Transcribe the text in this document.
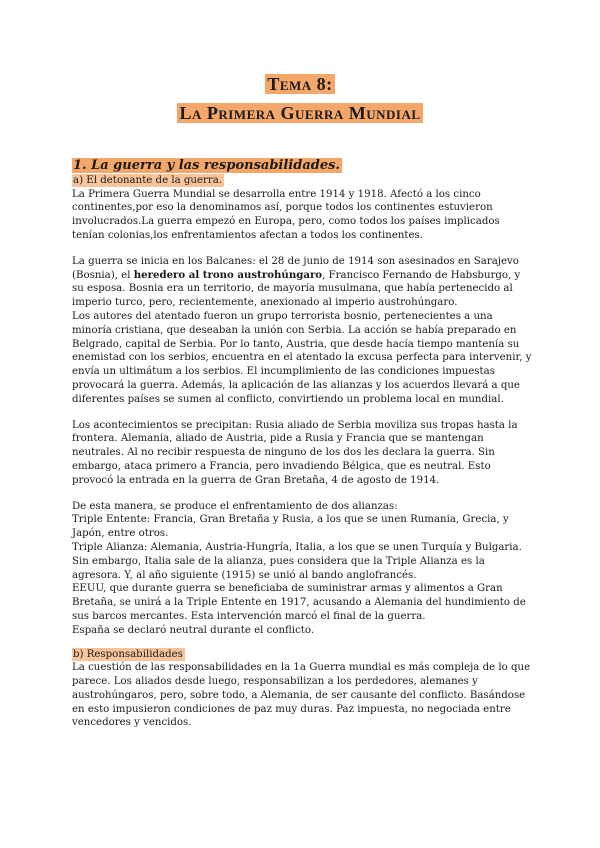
Tema 8:
La Primera Guerra Mundial
1. La guerra y las responsabilidades.
a) El detonante de la guerra.

La Primera Guerra Mundial se desarrolla entre 1914 y 1918. Afectó a los cinco continentes,por eso la denominamos así, porque todos los continentes estuvieron involucrados.La guerra empezó en Europa, pero, como todos los países implicados tenían colonias,los enfrentamientos afectan a todos los continentes.

La guerra se inicia en los Balcanes: el 28 de junio de 1914 son asesinados en Sarajevo (Bosnia), el heredero al trono austrohúngaro, Francisco Fernando de Habsburgo, y su esposa. Bosnia era un territorio, de mayoría musulmana, que había pertenecido al imperio turco, pero, recientemente, anexionado al imperio austrohúngaro.

Los autores del atentado fueron un grupo terrorista bosnio, pertenecientes a una minoría cristiana, que deseaban la unión con Serbia. La acción se había preparado en Belgrado, capital de Serbia. Por lo tanto, Austria, que desde hacía tiempo mantenía su enemistad con los serbios, encuentra en el atentado la excusa perfecta para intervenir, y envía un ultimátum a los serbios. El incumplimiento de las condiciones impuestas provocará la guerra. Además, la aplicación de las alianzas y los acuerdos llevará a que diferentes países se sumen al conflicto, convirtiendo un problema local en mundial.

Los acontecimientos se precipitan: Rusia aliado de Serbia moviliza sus tropas hasta la frontera. Alemania, aliado de Austria, pide a Rusia y Francia que se mantengan neutrales. Al no recibir respuesta de ninguno de los dos les declara la guerra. Sin embargo, ataca primero a Francia, pero invadiendo Bélgica, que es neutral. Esto provocó la entrada en la guerra de Gran Bretaña, 4 de agosto de 1914.

De esta manera, se produce el enfrentamiento de dos alianzas:

Triple Entente: Francia, Gran Bretaña y Rusia, a los que se unen Rumania, Grecia, y Japón, entre otros.

Triple Alianza: Alemania, Austria-Hungría, Italia, a los que se unen Turquía y Bulgaria.

Sin embargo, Italia sale de la alianza, pues considera que la Triple Alianza es la agresora. Y, al año siguiente (1915) se unió al bando anglofrancés.

EEUU, que durante guerra se beneficiaba de suministrar armas y alimentos a Gran Bretaña, se unirá a la Triple Entente en 1917, acusando a Alemania del hundimiento de sus barcos mercantes. Esta intervención marcó el final de la guerra.

España se declaró neutral durante el conflicto.

b) Responsabilidades

La cuestión de las responsabilidades en la 1a Guerra mundial es más compleja de lo que parece. Los aliados desde luego, responsabilizan a los perdedores, alemanes y austrohúngaros, pero, sobre todo, a Alemania, de ser causante del conflicto. Basándose en esto impusieron condiciones de paz muy duras. Paz impuesta, no negociada entre vencedores y vencidos.
